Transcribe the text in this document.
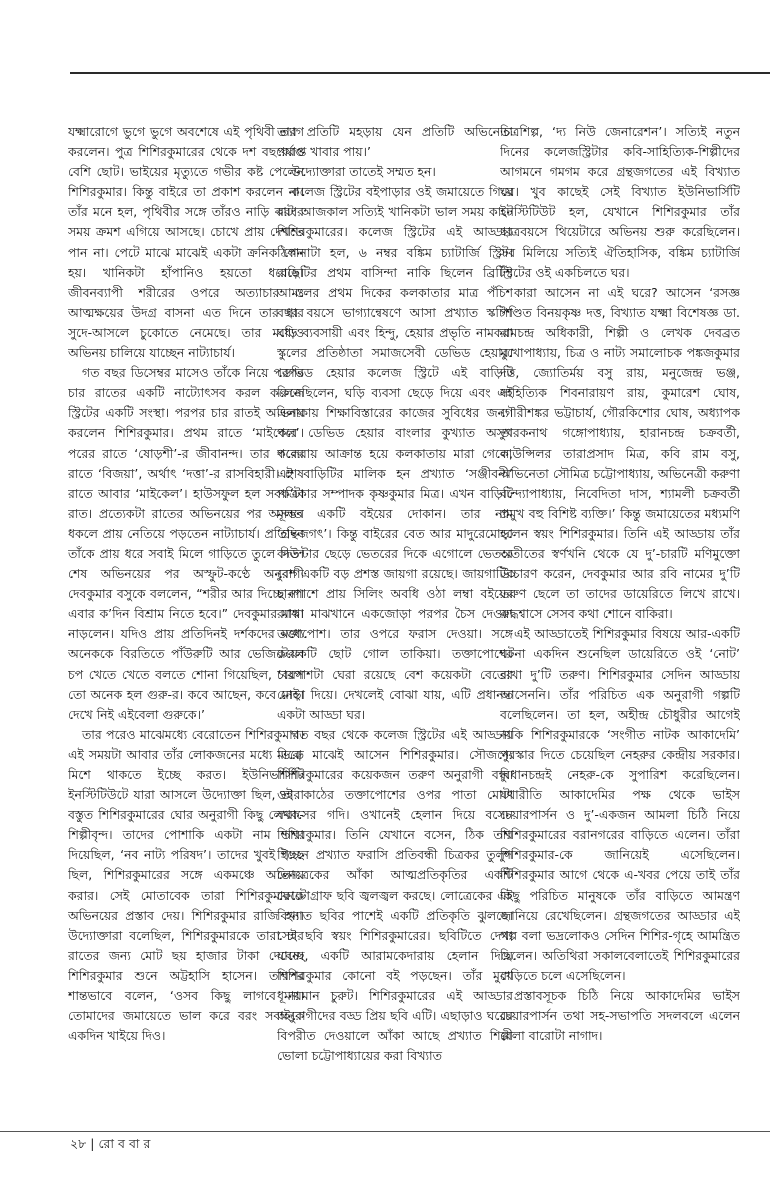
যক্ষ্মারোগে ভুগে ভুগে অবশেষে এই পৃথিবী ত্যাগ করলেন। পুত্র শিশিরকুমারের থেকে দশ বছরেরও বেশি ছোট। ভাইয়ের মৃত্যুতে গভীর কষ্ট পেলেন শিশিরকুমার। কিন্তু বাইরে তা প্রকাশ করলেন না। তাঁর মনে হল, পৃথিবীর সঙ্গে তাঁরও নাড়ি কাটার সময় ক্রমশ এগিয়ে আসছে। চোখে প্রায় দেখতে পান না। পেটে মাঝে মাঝেই একটা ক্রনিক পেন হয়। খানিকটা হাঁপানিও হয়তো ধরেছে। জীবনব্যাপী শরীরের ওপরে অত্যাচার ও আত্মক্ষয়ের উদগ্র বাসনা এত দিনে তার ধার সুদে-আসলে চুকোতে নেমেছে। তার মধ্যেও অভিনয় চালিয়ে যাচ্ছেন নাট্যাচার্য।

গত বছর ডিসেম্বর মাসেও তাঁকে নিয়ে পরপর চার রাতের একটি নাট্যোৎসব করল কলেজ স্ট্রিটের একটি সংস্থা। পরপর চার রাতই অভিনয় করলেন শিশিরকুমার। প্রথম রাতে ‘মাইকেল’। পরের রাতে ‘ষোড়শী’-র জীবানন্দ। তার পরের রাতে ‘বিজয়া’, অর্থাৎ ‘দত্তা’-র রাসবিহারী। শেষ রাতে আবার ‘মাইকেল’। হাউসফুল হল সবক’টা রাত। প্রত্যেকটা রাতের অভিনয়ের পর অসম্ভব ধকলে প্রায় নেতিয়ে পড়তেন নাট্যাচার্য। প্রতিদিন তাঁকে প্রায় ধরে সবাই মিলে গাড়িতে তুলে দিত। শেষ অভিনয়ের পর অস্ফুট-কণ্ঠে অনুরাগী দেবকুমার বসুকে বললেন, “শরীর আর দিচ্ছে না। এবার ক’দিন বিশ্রাম নিতে হবে।” দেবকুমার মাথা নাড়লেন। যদিও প্রায় প্রতিদিনই দর্শকদের মধ্যে অনেককে বিরতিতে পাঁউরুটি আর ভেজিটেবল চপ খেতে খেতে বলতে শোনা গিয়েছিল, ‘বয়স তো অনেক হল গুরু-র। কবে আছেন, কবে নেই। দেখে নিই এইবেলা গুরুকে।’

তার পরেও মাঝেমধ্যে বেরোতেন শিশিরকুমার। এই সময়টা আবার তাঁর লোকজনের মধ্যে ভিড়ে মিশে থাকতে ইচ্ছে করত। ইউনিভার্সিটি ইনস্টিটিউটে যারা আসলে উদ্যোক্তা ছিল, তারা বস্তুত শিশিরকুমারের ঘোর অনুরাগী কিছু লেখক-শিল্পীবৃন্দ। তাদের পোশাকি একটা নাম তারা দিয়েছিল, ‘নব নাট্য পরিষদ’। তাদের খুবই ইচ্ছে ছিল, শিশিরকুমারের সঙ্গে একমঞ্চে অভিনয় করার। সেই মোতাবেক তারা শিশিরকুমারকে অভিনয়ের প্রস্তাব দেয়। শিশিরকুমার রাজি হন। উদ্যোক্তারা বলেছিল, শিশিরকুমারকে তারা চার রাতের জন্য মোট ছয় হাজার টাকা দেবেন। শিশিরকুমার শুনে অট্টহাসি হাসেন। তারপর শান্তভাবে বলেন, ‘ওসব কিছু লাগবে না। তোমাদের জমায়েতে ভাল করে বরং সবাইকে একদিন খাইয়ে দিও।

তার প্রতিটি মহড়ায় যেন প্রতিটি অভিনেতা পর্যাপ্ত খাবার পায়।’

উদ্যোক্তারা তাতেই সম্মত হন।

কলেজ স্ট্রিটের বইপাড়ার ওই জমায়েতে গিয়ে বরং আজকাল সত্যিই খানিকটা ভাল সময় কাটে শিশিরকুমারের। কলেজ স্ট্রিটের এই আড্ডার ঠিকানাটা হল, ৬ নম্বর বঙ্কিম চ্যাটার্জি স্ট্রিট। বাড়িটির প্রথম বাসিন্দা নাকি ছিলেন ব্রিটিশ আমলের প্রথম দিকের কলকাতার মাত্র পঁচিশ বছর বয়সে ভাগ্যান্বেষণে আসা প্রখ্যাত স্কটিশ ঘড়ি ব্যবসায়ী এবং হিন্দু, হেয়ার প্রভৃতি নামকরা স্কুলের প্রতিষ্ঠাতা সমাজসেবী ডেভিড হেয়ার। ডেভিড হেয়ার কলেজ স্ট্রিটে এই বাড়িটি কিনেছিলেন, ঘড়ি ব্যবসা ছেড়ে দিয়ে এবং এই এলাকায় শিক্ষাবিস্তারের কাজের সুবিধের জন্য। পরে ডেভিড হেয়ার বাংলার কুখ্যাত অসুখ কলেরায় আক্রান্ত হয়ে কলকাতায় মারা গেলে, এই বাড়িটির মালিক হন প্রখ্যাত ‘সঞ্জীবনী’ পত্রিকার সম্পাদক কৃষ্ণকুমার মিত্র। এখন বাড়িটি মূলত একটি বইয়ের দোকান। তার নাম ‘গ্রন্থজগৎ’। কিন্তু বাইরের বেত আর মাদুরেমোড়া কাউন্টার ছেড়ে ভেতরের দিকে এগোলে ভেতরে বেশ একটি বড় প্রশস্ত জায়গা রয়েছে। জায়গাটির চারপাশে প্রায় সিলিং অবধি ওঠা লম্বা বইয়ের র‍্যাক। মাঝখানে একজোড়া পরপর চৈস দেওয়া তক্তাপোশ। তার ওপরে ফরাস দেওয়া। সঙ্গে কয়েকটি ছোট গোল তাকিয়া। তক্তাপোশের চারপাশটা ঘেরা রয়েছে বেশ কয়েকটা বেতের মোড়া দিয়ে। দেখলেই বোঝা যায়, এটি প্রধানত একটা আড্ডা ঘর।

গত বছর থেকে কলেজ স্ট্রিটের এই আড্ডায় মাঝে মাঝেই আসেন শিশিরকুমার। সৌজন্যে শিশিরকুমারের কয়েকজন তরুণ অনুরাগী বন্ধু। ওই কাঠের তক্তাপোশের ওপর পাতা মোটা ফরাসের গদি। ওখানেই হেলান দিয়ে বসেন শিশিরকুমার। তিনি যেখানে বসেন, ঠিক তার পিছনে প্রখ্যাত ফরাসি প্রতিবন্ধী চিত্রকর তুলুস লোত্রেকের আঁকা আত্মপ্রতিকৃতির একটি ফোটোগ্রাফ ছবি জ্বলজ্বল করছে। লোত্রেকের এই বিখ্যাত ছবির পাশেই একটি প্রতিকৃতি ঝুলছে। সেই ছবি স্বয়ং শিশিরকুমারের। ছবিটিতে দেখা যাচ্ছে, একটি আরামকেদারায় হেলান দিয়ে শিশিরকুমার কোনো বই পড়ছেন। তাঁর মুখে ধূমায়মান চুরুট। শিশিরকুমারের এই আড্ডার অনুরাগীদের বড্ড প্রিয় ছবি এটি। এছাড়াও ঘরের বিপরীত দেওয়ালে আঁকা আছে প্রখ্যাত শিল্পী ভোলা চট্টোপাধ্যায়ের করা বিখ্যাত

চিত্রশিল্প, ‘দ্য নিউ জেনারেশন’। সত্যিই নতুন দিনের কলেজস্ট্রিটার কবি-সাহিত্যিক-শিল্পীদের আগমনে গমগম করে গ্রন্থজগতের এই বিখ্যাত ঘর। খুব কাছেই সেই বিখ্যাত ইউনিভার্সিটি ইনস্টিটিউট হল, যেখানে শিশিরকুমার তাঁর ছাত্রবয়সে থিয়েটারে অভিনয় শুরু করেছিলেন। সব মিলিয়ে সত্যিই ঐতিহাসিক, বঙ্কিম চ্যাটার্জি স্ট্রিটের ওই একচিলতে ঘর।

কারা আসেন না এই ঘরে? আসেন ‘রসজ্ঞ পণ্ডিত বিনয়কৃষ্ণ দত্ত, বিখ্যাত যক্ষ্মা বিশেষজ্ঞ ডা. রামচন্দ্র অধিকারী, শিল্পী ও লেখক দেবব্রত মুখোপাধ্যায়, চিত্র ও নাট্য সমালোচক পঙ্কজকুমার দত্ত, জ্যোতির্ময় বসু রায়, মনুজেন্দ্র ভঞ্জ, সাহিত্যিক শিবনারায়ণ রায়, কুমারেশ ঘোষ, গৌরীশঙ্কর ভট্টাচার্য, গৌরকিশোর ঘোষ, অধ্যাপক তারকনাথ গঙ্গোপাধ্যায়, হারানচন্দ্র চক্রবর্তী, কাউন্সিলর তারাপ্রসাদ মিত্র, কবি রাম বসু, অভিনেতা সৌমিত্র চট্টোপাধ্যায়, অভিনেত্রী করুণা বন্দ্যোপাধ্যায়, নিবেদিতা দাস, শ্যামলী চক্রবর্তী প্রমুখ বহু বিশিষ্ট ব্যক্তি।’ কিন্তু জমায়েতের মধ্যমণি হলেন স্বয়ং শিশিরকুমার। তিনি এই আড্ডায় তাঁর অতীতের স্বর্ণখনি থেকে যে দু’-চারটি মণিমুক্তো উচ্চারণ করেন, দেবকুমার আর রবি নামের দু’টি তরুণ ছেলে তা তাদের ডায়েরিতে লিখে রাখে। রুদ্ধশ্বাসে সেসব কথা শোনে বাকিরা।

এই আড্ডাতেই শিশিরকুমার বিষয়ে আর-একটি ঘটনা একদিন শুনেছিল ডায়েরিতে ওই ‘নোট’ রাখা দু’টি তরুণ। শিশিরকুমার সেদিন আড্ডায় আসেননি। তাঁর পরিচিত এক অনুরাগী গল্পটি বলেছিলেন। তা হল, অহীন্দ্র চৌধুরীর আগেই নাকি শিশিরকুমারকে ‘সংগীত নাটক আকাদেমি’ পুরস্কার দিতে চেয়েছিল নেহরুর কেন্দ্রীয় সরকার। বিধানচন্দ্রই নেহরু-কে সুপারিশ করেছিলেন। যথারীতি আকাদেমির পক্ষ থেকে ভাইস চেয়ারপার্সন ও দু’-একজন আমলা চিঠি নিয়ে শিশিরকুমারের বরানগরের বাড়িতে এলেন। তাঁরা শিশিরকুমার-কে জানিয়েই এসেছিলেন। শিশিরকুমার আগে থেকে এ-খবর পেয়ে তাই তাঁর কিছু পরিচিত মানুষকে তাঁর বাড়িতে আমন্ত্রণ জানিয়ে রেখেছিলেন। গ্রন্থজগতের আড্ডার এই গল্প বলা ভদ্রলোকও সেদিন শিশির-গৃহে আমন্ত্রিত ছিলেন। অতিথিরা সকালবেলাতেই শিশিরকুমারের বাড়িতে চলে এসেছিলেন।

প্রস্তাবসূচক চিঠি নিয়ে আকাদেমির ভাইস চেয়ারপার্সন তথা সহ-সভাপতি সদলবলে এলেন বেলা বারোটা নাগাদ।

২৮ | রো ব বা র
